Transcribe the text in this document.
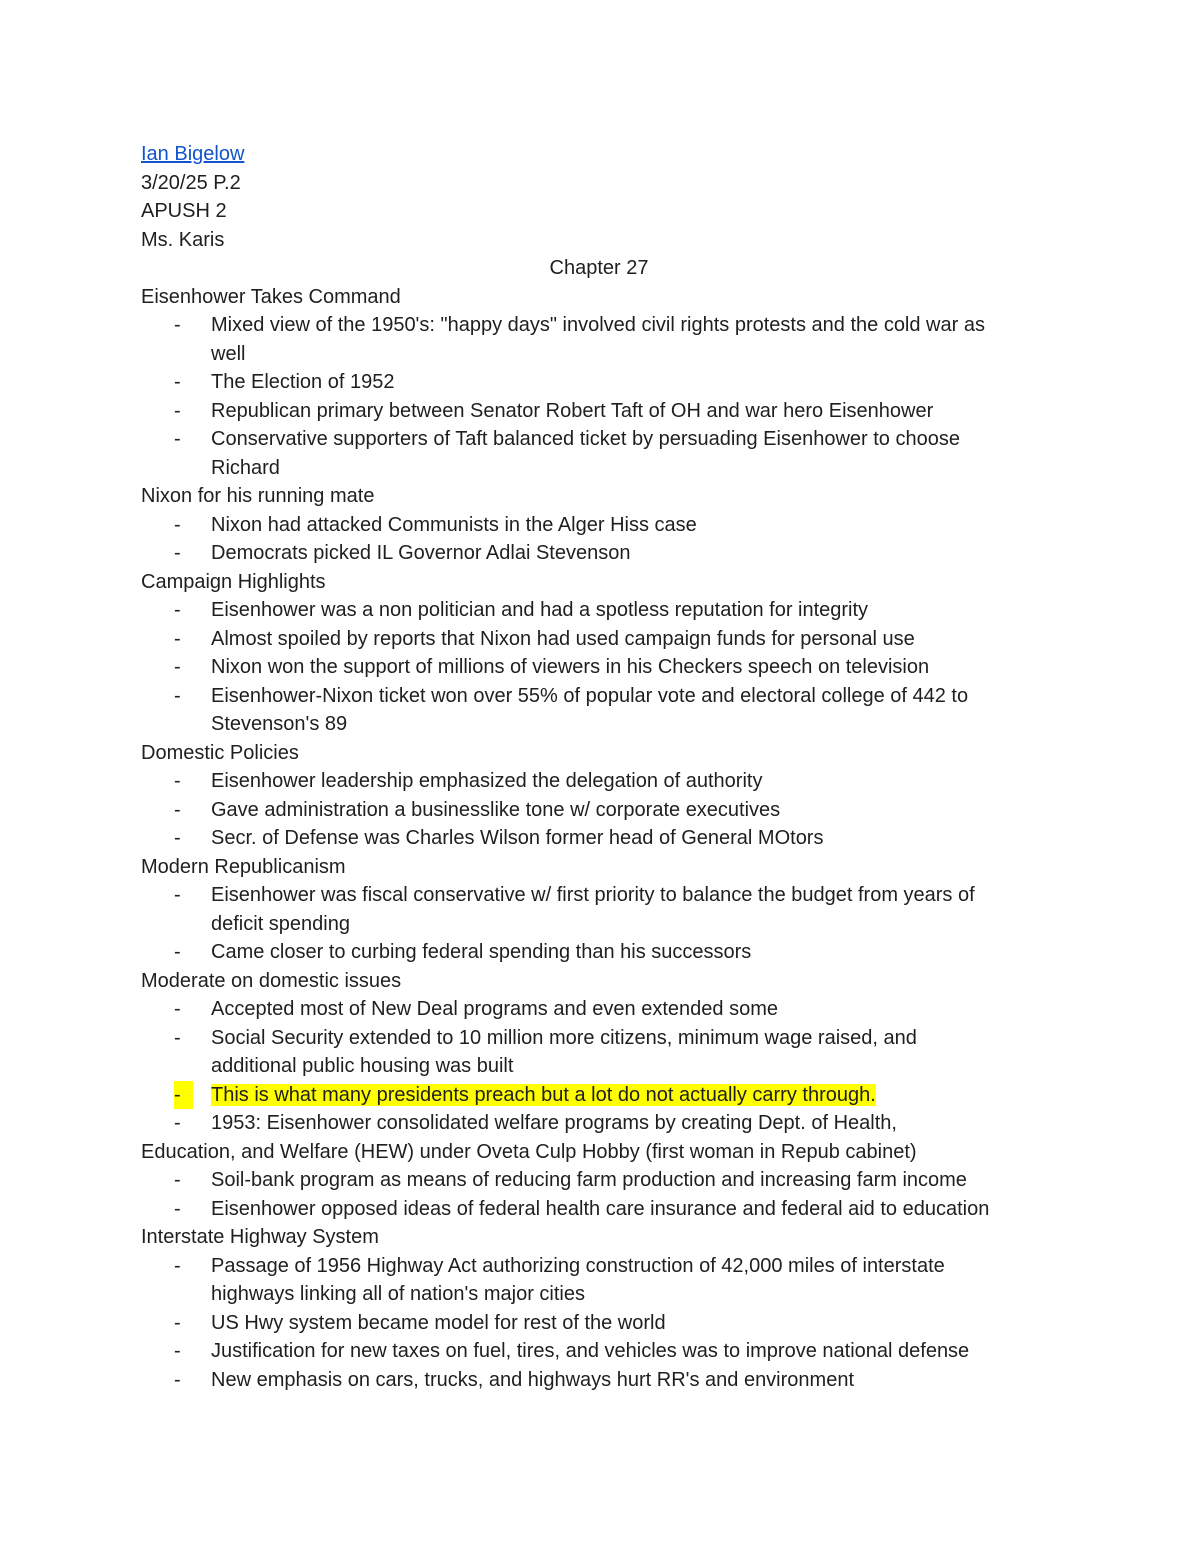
Ian Bigelow
3/20/25 P.2
APUSH 2
Ms. Karis
Chapter 27
Eisenhower Takes Command
- Mixed view of the 1950's: "happy days" involved civil rights protests and the cold war as
well
- The Election of 1952
- Republican primary between Senator Robert Taft of OH and war hero Eisenhower
- Conservative supporters of Taft balanced ticket by persuading Eisenhower to choose
Richard
Nixon for his running mate
- Nixon had attacked Communists in the Alger Hiss case
- Democrats picked IL Governor Adlai Stevenson
Campaign Highlights
- Eisenhower was a non politician and had a spotless reputation for integrity
- Almost spoiled by reports that Nixon had used campaign funds for personal use
- Nixon won the support of millions of viewers in his Checkers speech on television
- Eisenhower-Nixon ticket won over 55% of popular vote and electoral college of 442 to
Stevenson's 89
Domestic Policies
- Eisenhower leadership emphasized the delegation of authority
- Gave administration a businesslike tone w/ corporate executives
- Secr. of Defense was Charles Wilson former head of General MOtors
Modern Republicanism
- Eisenhower was fiscal conservative w/ first priority to balance the budget from years of
deficit spending
- Came closer to curbing federal spending than his successors
Moderate on domestic issues
- Accepted most of New Deal programs and even extended some
- Social Security extended to 10 million more citizens, minimum wage raised, and
additional public housing was built
-	This is what many presidents preach but a lot do not actually carry through.
- 1953: Eisenhower consolidated welfare programs by creating Dept. of Health,
Education, and Welfare (HEW) under Oveta Culp Hobby (first woman in Repub cabinet)
- Soil-bank program as means of reducing farm production and increasing farm income
- Eisenhower opposed ideas of federal health care insurance and federal aid to education
Interstate Highway System
- Passage of 1956 Highway Act authorizing construction of 42,000 miles of interstate
highways linking all of nation's major cities
- US Hwy system became model for rest of the world
- Justification for new taxes on fuel, tires, and vehicles was to improve national defense
- New emphasis on cars, trucks, and highways hurt RR's and environment
